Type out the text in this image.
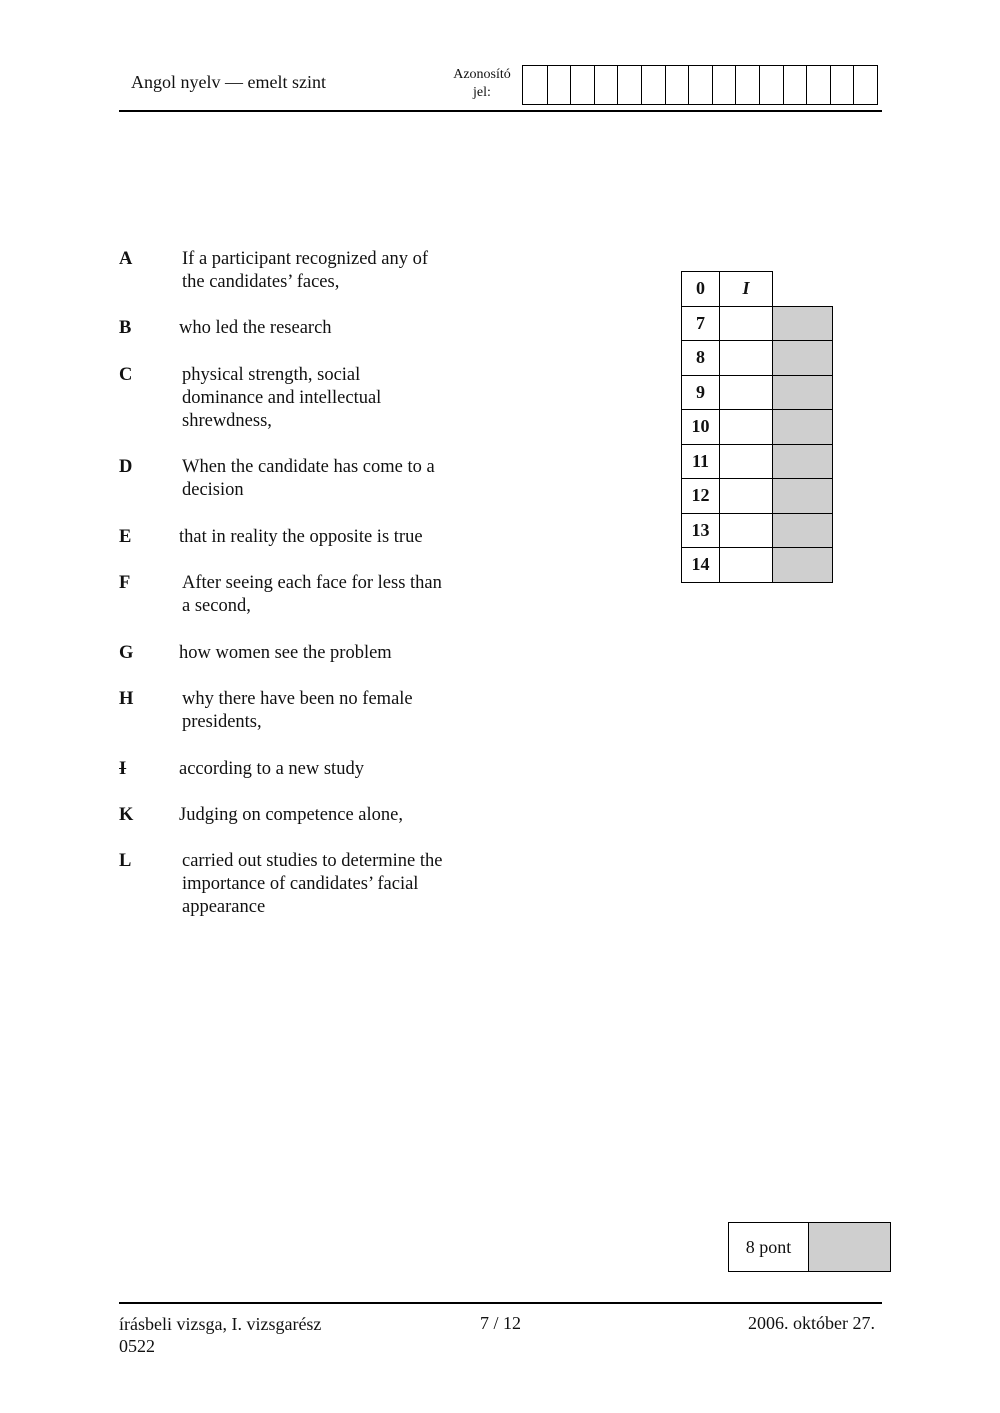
Angol nyelv — emelt szint	Azonosító
jel:
A	If a participant recognized any of the candidates’ faces,
B	who led the research
C	physical strength, social dominance and intellectual shrewdness,
D	When the candidate has come to a decision
E	that in reality the opposite is true
F	After seeing each face for less than a second,
G	how women see the problem
H	why there have been no female presidents,
I	according to a new study
K	Judging on competence alone,
L	carried out studies to determine the importance of candidates’ facial appearance
0	I	
7		
8		
9		
10		
11		
12		
13		
14		
8 pont
írásbeli vizsga, I. vizsgarész
0522
7 / 12	2006. október 27.
